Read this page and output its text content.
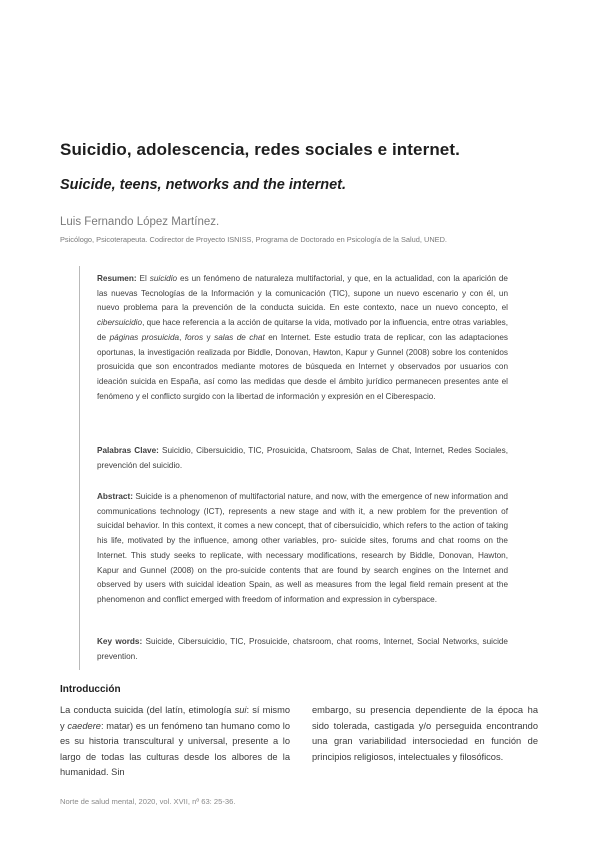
Suicidio, adolescencia, redes sociales e internet.
Suicide, teens, networks and the internet.
Luis Fernando López Martínez.
Psicólogo, Psicoterapeuta. Codirector de Proyecto ISNISS, Programa de Doctorado en Psicología de la Salud, UNED.

Resumen: El suicidio es un fenómeno de naturaleza multifactorial, y que, en la actualidad, con la aparición de las nuevas Tecnologías de la Información y la comunicación (TIC), supone un nuevo escenario y con él, un nuevo problema para la prevención de la conducta suicida. En este contexto, nace un nuevo concepto, el cibersuicidio, que hace referencia a la acción de quitarse la vida, motivado por la influencia, entre otras variables, de páginas prosuicida, foros y salas de chat en Internet. Este estudio trata de replicar, con las adaptaciones oportunas, la investigación realizada por Biddle, Donovan, Hawton, Kapur y Gunnel (2008) sobre los contenidos prosuicida que son encontrados mediante motores de búsqueda en Internet y observados por usuarios con ideación suicida en España, así como las medidas que desde el ámbito jurídico permanecen presentes ante el fenómeno y el conflicto surgido con la libertad de información y expresión en el Ciberespacio.

Palabras Clave: Suicidio, Cibersuicidio, TIC, Prosuicida, Chatsroom, Salas de Chat, Internet, Redes Sociales, prevención del suicidio.

Abstract: Suicide is a phenomenon of multifactorial nature, and now, with the emergence of new information and communications technology (ICT), represents a new stage and with it, a new problem for the prevention of suicidal behavior. In this context, it comes a new concept, that of cibersuicidio, which refers to the action of taking his life, motivated by the influence, among other variables, pro- suicide sites, forums and chat rooms on the Internet. This study seeks to replicate, with necessary modifications, research by Biddle, Donovan, Hawton, Kapur and Gunnel (2008) on the pro-suicide contents that are found by search engines on the Internet and observed by users with suicidal ideation Spain, as well as measures from the legal field remain present at the phenomenon and conflict emerged with freedom of information and expression in cyberspace.

Key words: Suicide, Cibersuicidio, TIC, Prosuicide, chatsroom, chat rooms, Internet, Social Networks, suicide prevention.

Introducción

La conducta suicida (del latín, etimología sui: sí mismo y caedere: matar) es un fenómeno tan humano como lo es su historia transcultural y universal, presente a lo largo de todas las culturas desde los albores de la humanidad. Sin

embargo, su presencia dependiente de la época ha sido tolerada, castigada y/o perseguida encontrando una gran variabilidad intersociedad en función de principios religiosos, intelectuales y filosóficos.

Norte de salud mental, 2020, vol. XVII, nº 63: 25-36.
